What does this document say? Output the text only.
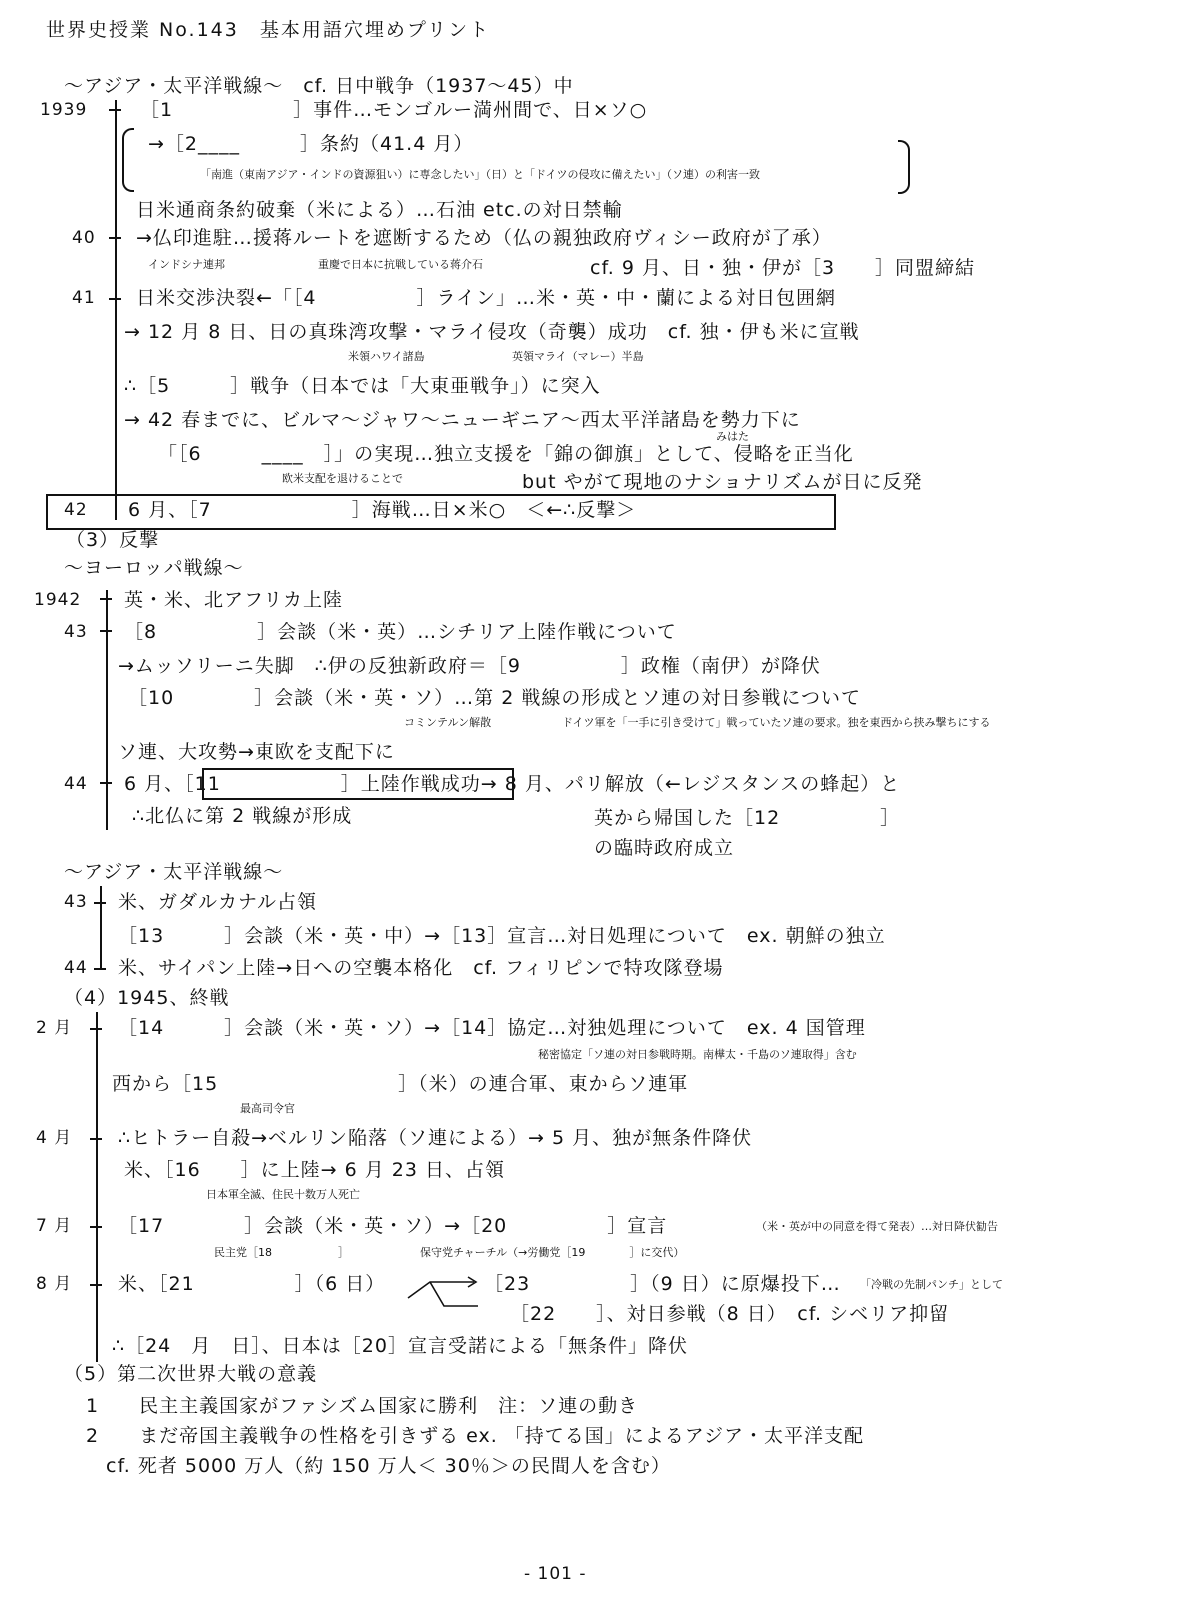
世界史授業 No.143　基本用語穴埋めプリント
〜アジア・太平洋戦線〜　cf. 日中戦争（1937〜45）中
1939	［1　　　　　　］事件…モンゴルー満州間で、日×ソ○
→［2____　　　］条約（41.4 月）
「南進（東南アジア・インドの資源狙い）に専念したい」（日）と「ドイツの侵攻に備えたい」（ソ連）の利害一致
日米通商条約破棄（米による）…石油 etc.の対日禁輸
40 →仏印進駐…援蒋ルートを遮断するため（仏の親独政府ヴィシー政府が了承）
インドシナ連邦	重慶で日本に抗戦している蒋介石	cf. 9 月、日・独・伊が［3　　］同盟締結
41 日米交渉決裂←「［4　　　　　］ライン」…米・英・中・蘭による対日包囲網
→ 12 月 8 日、日の真珠湾攻撃・マライ侵攻（奇襲）成功　cf. 独・伊も米に宣戦
米領ハワイ諸島	英領マライ（マレー）半島
∴［5　　　］戦争（日本では「大東亜戦争」）に突入
→ 42 春までに、ビルマ〜ジャワ〜ニューギニア〜西太平洋諸島を勢力下に
みはた
「［6　　　____　］」の実現…独立支援を「錦の御旗」として、侵略を正当化
欧米支配を退けることで	but やがて現地のナショナリズムが日に反発
42 6 月、［7　　　　　　　］海戦…日×米○　＜←∴反撃＞
（3）反撃
〜ヨーロッパ戦線〜
1942 英・米、北アフリカ上陸
43 ［8　　　　　］会談（米・英）…シチリア上陸作戦について
→ムッソリーニ失脚　∴伊の反独新政府＝［9　　　　　］政権（南伊）が降伏
［10　　　　］会談（米・英・ソ）…第 2 戦線の形成とソ連の対日参戦について
コミンテルン解散	ドイツ軍を「一手に引き受けて」戦っていたソ連の要求。独を東西から挟み撃ちにする
ソ連、大攻勢→東欧を支配下に
44 6 月、［11　　　　　　］上陸作戦成功→ 8 月、パリ解放（←レジスタンスの蜂起）と
∴北仏に第 2 戦線が形成	英から帰国した［12　　　　　］
の臨時政府成立
〜アジア・太平洋戦線〜
43 米、ガダルカナル占領
［13　　　］会談（米・英・中）→［13］宣言…対日処理について　ex. 朝鮮の独立
44 米、サイパン上陸→日への空襲本格化　cf. フィリピンで特攻隊登場
（4）1945、終戦
2 月 ［14　　　］会談（米・英・ソ）→［14］協定…対独処理について　ex. 4 国管理
秘密協定「ソ連の対日参戦時期。南樺太・千島のソ連取得」含む
西から［15　　　　　　　　　］（米）の連合軍、東からソ連軍
最高司令官
4 月 ∴ヒトラー自殺→ベルリン陥落（ソ連による）→ 5 月、独が無条件降伏
米、［16　　］に上陸→ 6 月 23 日、占領
日本軍全滅、住民十数万人死亡
7 月 ［17　　　　］会談（米・英・ソ）→［20　　　　　］宣言	（米・英が中の同意を得て発表）…対日降伏勧告
民主党［18　　　　　　］	保守党チャーチル（→労働党［19　　　　］に交代）
8 月 米、［21　　　　　］（6 日）	［23　　　　　］（9 日）に原爆投下… 「冷戦の先制パンチ」として
［22　　］、対日参戦（8 日）　cf. シベリア抑留
∴［24　月　日］、日本は［20］宣言受諾による「無条件」降伏
（5）第二次世界大戦の意義
1　　民主主義国家がファシズム国家に勝利　注：ソ連の動き
2　　まだ帝国主義戦争の性格を引きずる ex. 「持てる国」によるアジア・太平洋支配
cf. 死者 5000 万人（約 150 万人＜ 30％＞の民間人を含む）
- 101 -
